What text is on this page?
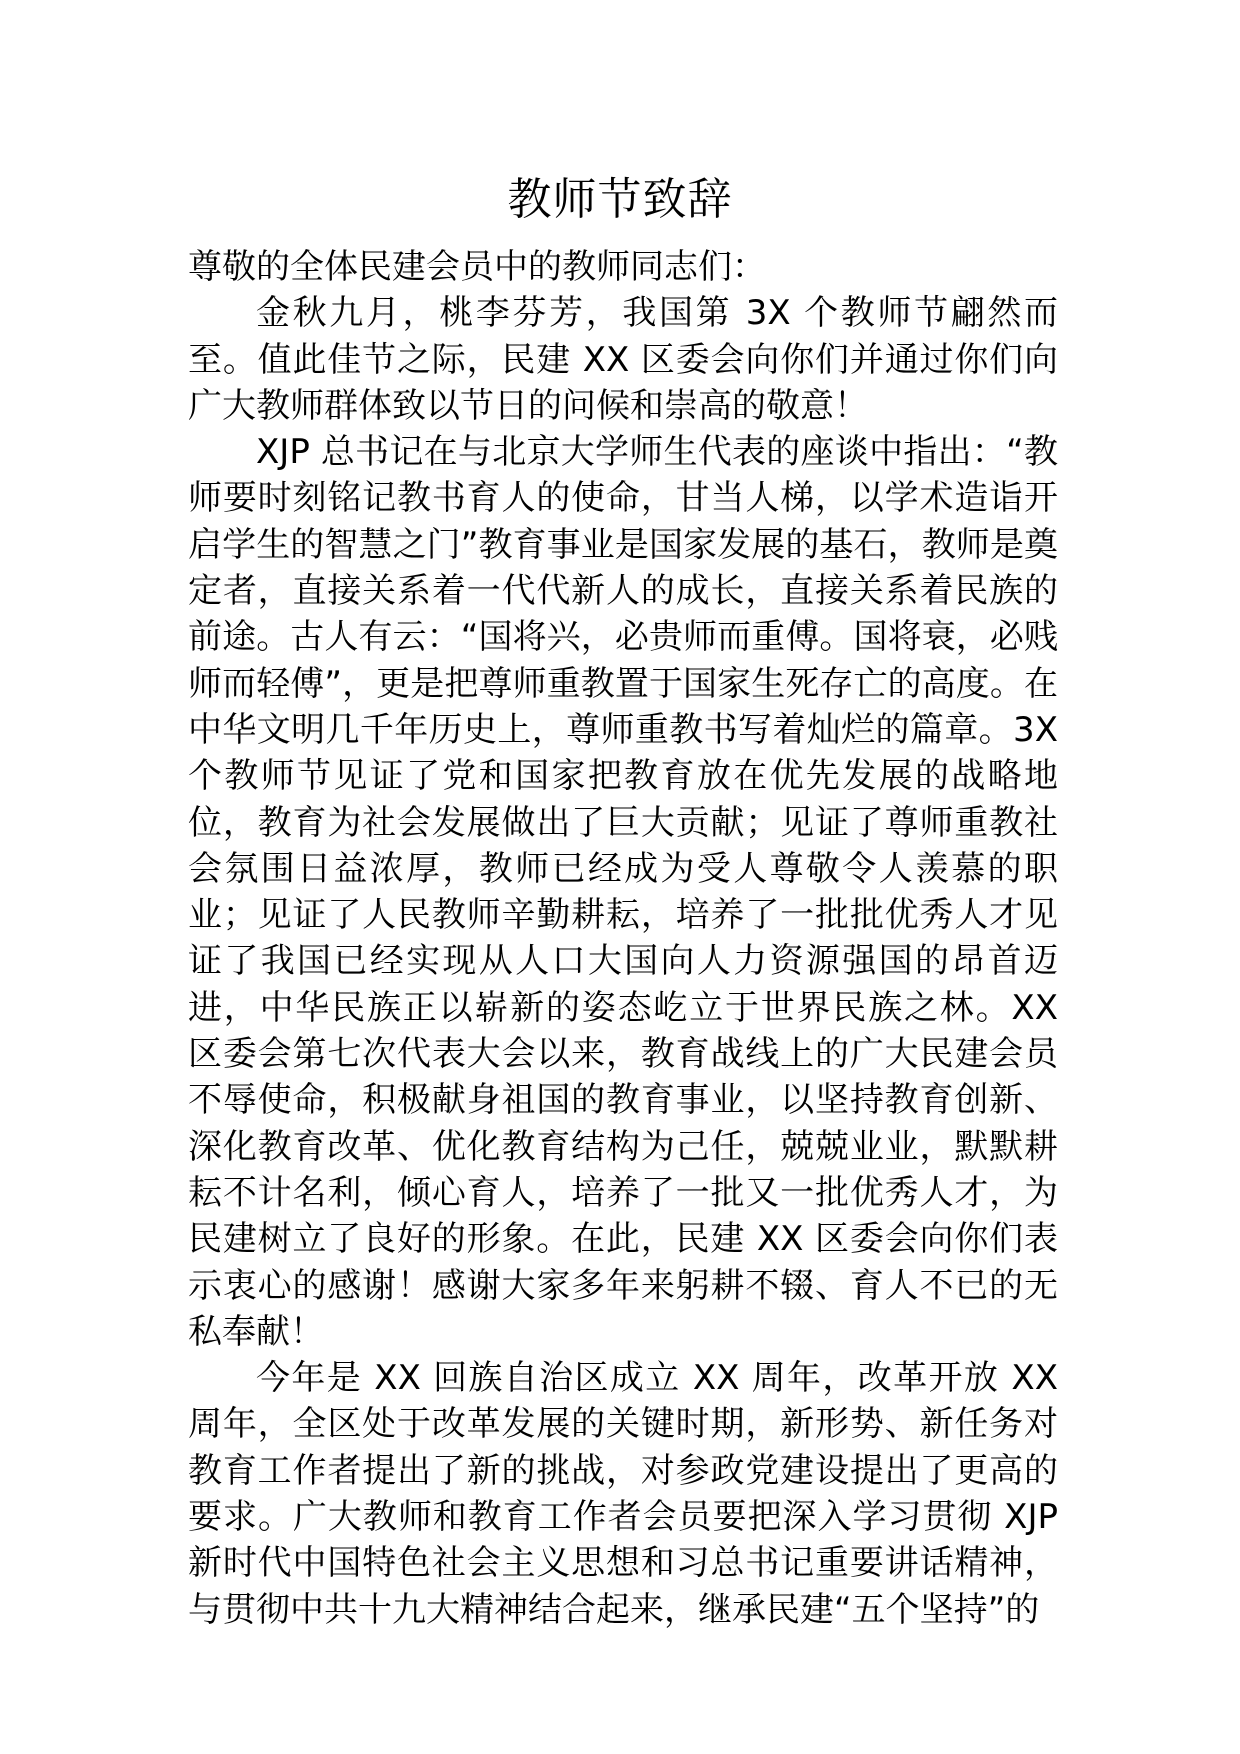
教师节致辞

尊敬的全体民建会员中的教师同志们：

金秋九月，桃李芬芳，我国第 3X 个教师节翩然而至。值此佳节之际，民建 XX 区委会向你们并通过你们向广大教师群体致以节日的问候和崇高的敬意！

XJP 总书记在与北京大学师生代表的座谈中指出：“教师要时刻铭记教书育人的使命，甘当人梯，以学术造诣开启学生的智慧之门”教育事业是国家发展的基石，教师是奠定者，直接关系着一代代新人的成长，直接关系着民族的前途。古人有云：“国将兴，必贵师而重傅。国将衰，必贱师而轻傅”，更是把尊师重教置于国家生死存亡的高度。在中华文明几千年历史上，尊师重教书写着灿烂的篇章。3X 个教师节见证了党和国家把教育放在优先发展的战略地位，教育为社会发展做出了巨大贡献；见证了尊师重教社会氛围日益浓厚，教师已经成为受人尊敬令人羡慕的职业；见证了人民教师辛勤耕耘，培养了一批批优秀人才见证了我国已经实现从人口大国向人力资源强国的昂首迈进，中华民族正以崭新的姿态屹立于世界民族之林。XX 区委会第七次代表大会以来，教育战线上的广大民建会员不辱使命，积极献身祖国的教育事业，以坚持教育创新、深化教育改革、优化教育结构为己任，兢兢业业，默默耕耘不计名利，倾心育人，培养了一批又一批优秀人才，为民建树立了良好的形象。在此，民建 XX 区委会向你们表示衷心的感谢！感谢大家多年来躬耕不辍、育人不已的无私奉献！

今年是 XX 回族自治区成立 XX 周年，改革开放 XX 周年，全区处于改革发展的关键时期，新形势、新任务对教育工作者提出了新的挑战，对参政党建设提出了更高的要求。广大教师和教育工作者会员要把深入学习贯彻 XJP 新时代中国特色社会主义思想和习总书记重要讲话精神，与贯彻中共十九大精神结合起来，继承民建“五个坚持”的
